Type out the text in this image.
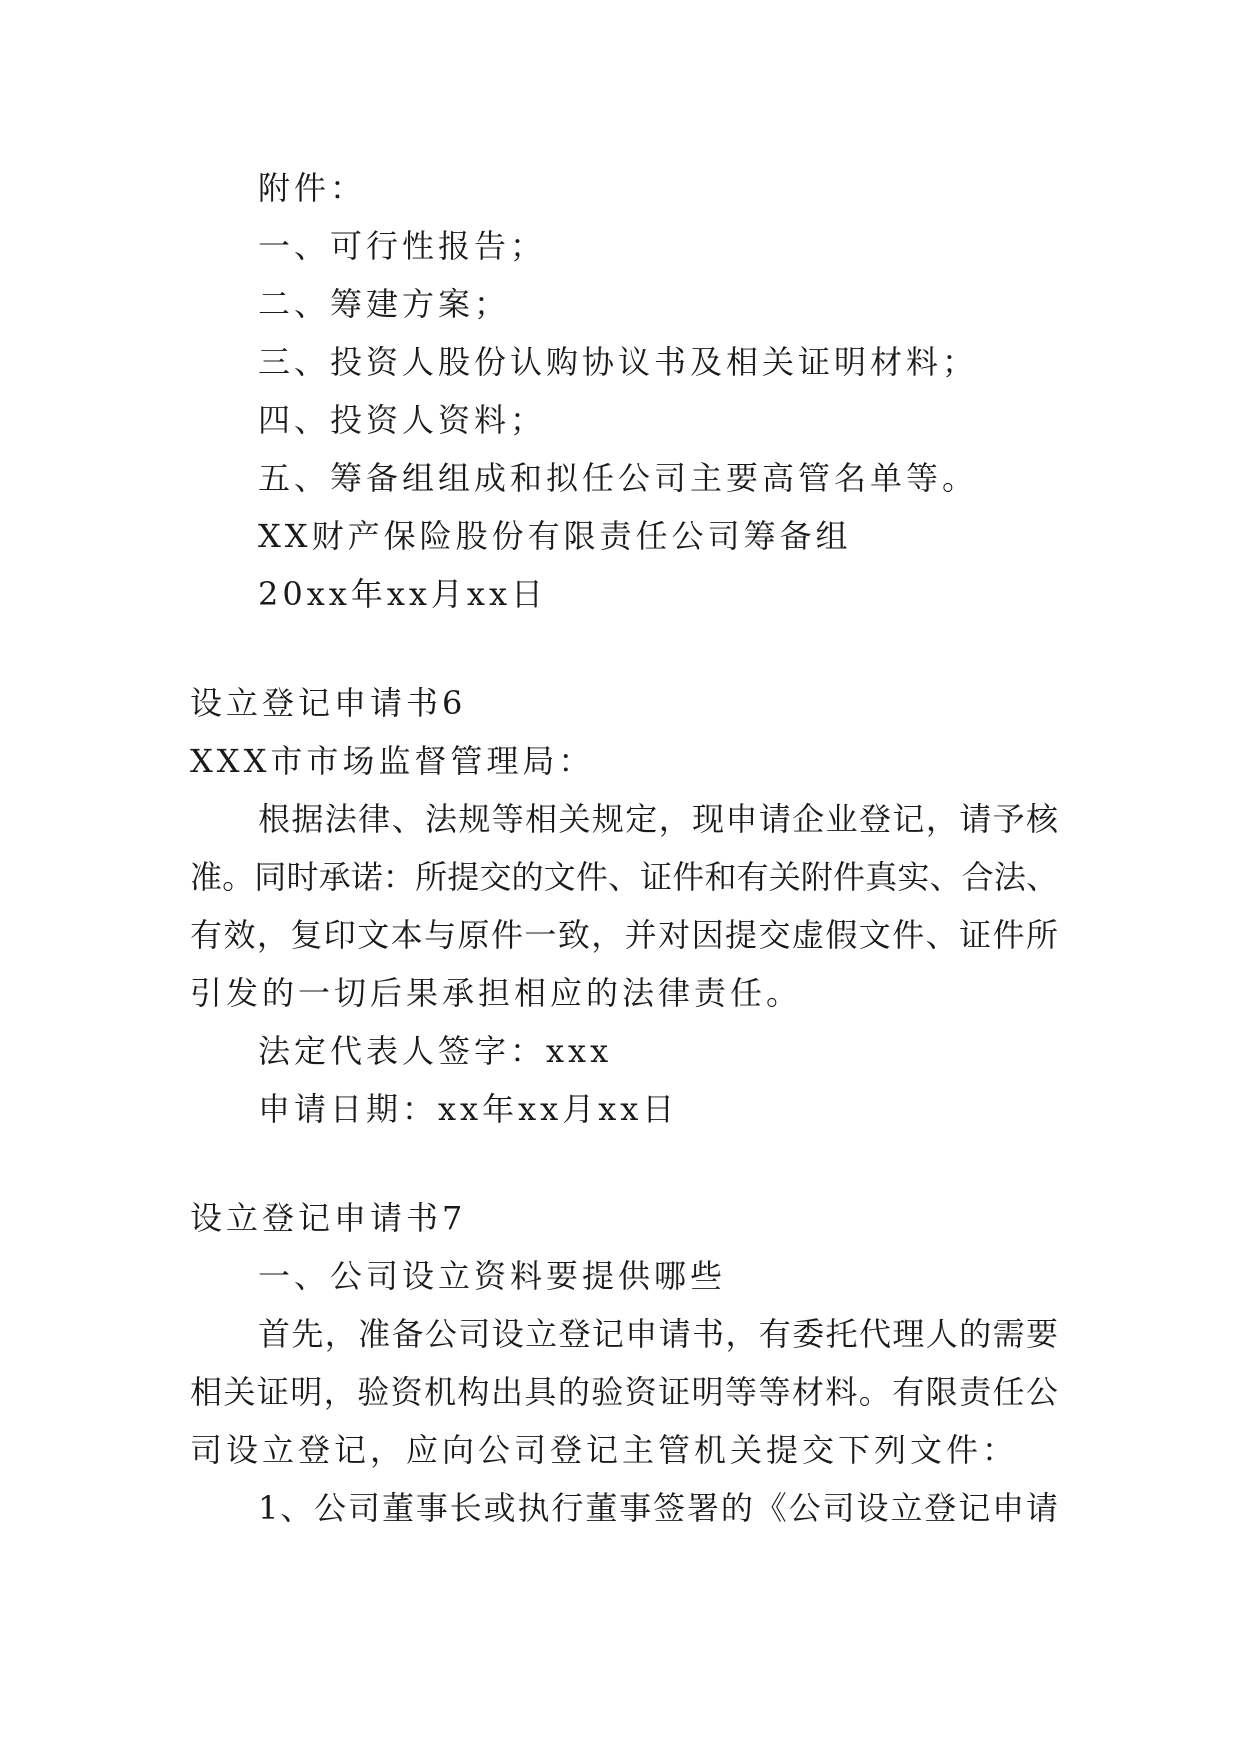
附件：
一、可行性报告；
二、筹建方案；
三、投资人股份认购协议书及相关证明材料；
四、投资人资料；
五、筹备组组成和拟任公司主要高管名单等。
XX财产保险股份有限责任公司筹备组
20xx年xx月xx日
设立登记申请书6
XXX市市场监督管理局：
根据法律、法规等相关规定，现申请企业登记，请予核
准。同时承诺：所提交的文件、证件和有关附件真实、合法、
有效，复印文本与原件一致，并对因提交虚假文件、证件所
引发的一切后果承担相应的法律责任。
法定代表人签字：xxx
申请日期：xx年xx月xx日
设立登记申请书7
一、公司设立资料要提供哪些
首先，准备公司设立登记申请书，有委托代理人的需要
相关证明，验资机构出具的验资证明等等材料。有限责任公
司设立登记，应向公司登记主管机关提交下列文件：
1、公司董事长或执行董事签署的《公司设立登记申请
